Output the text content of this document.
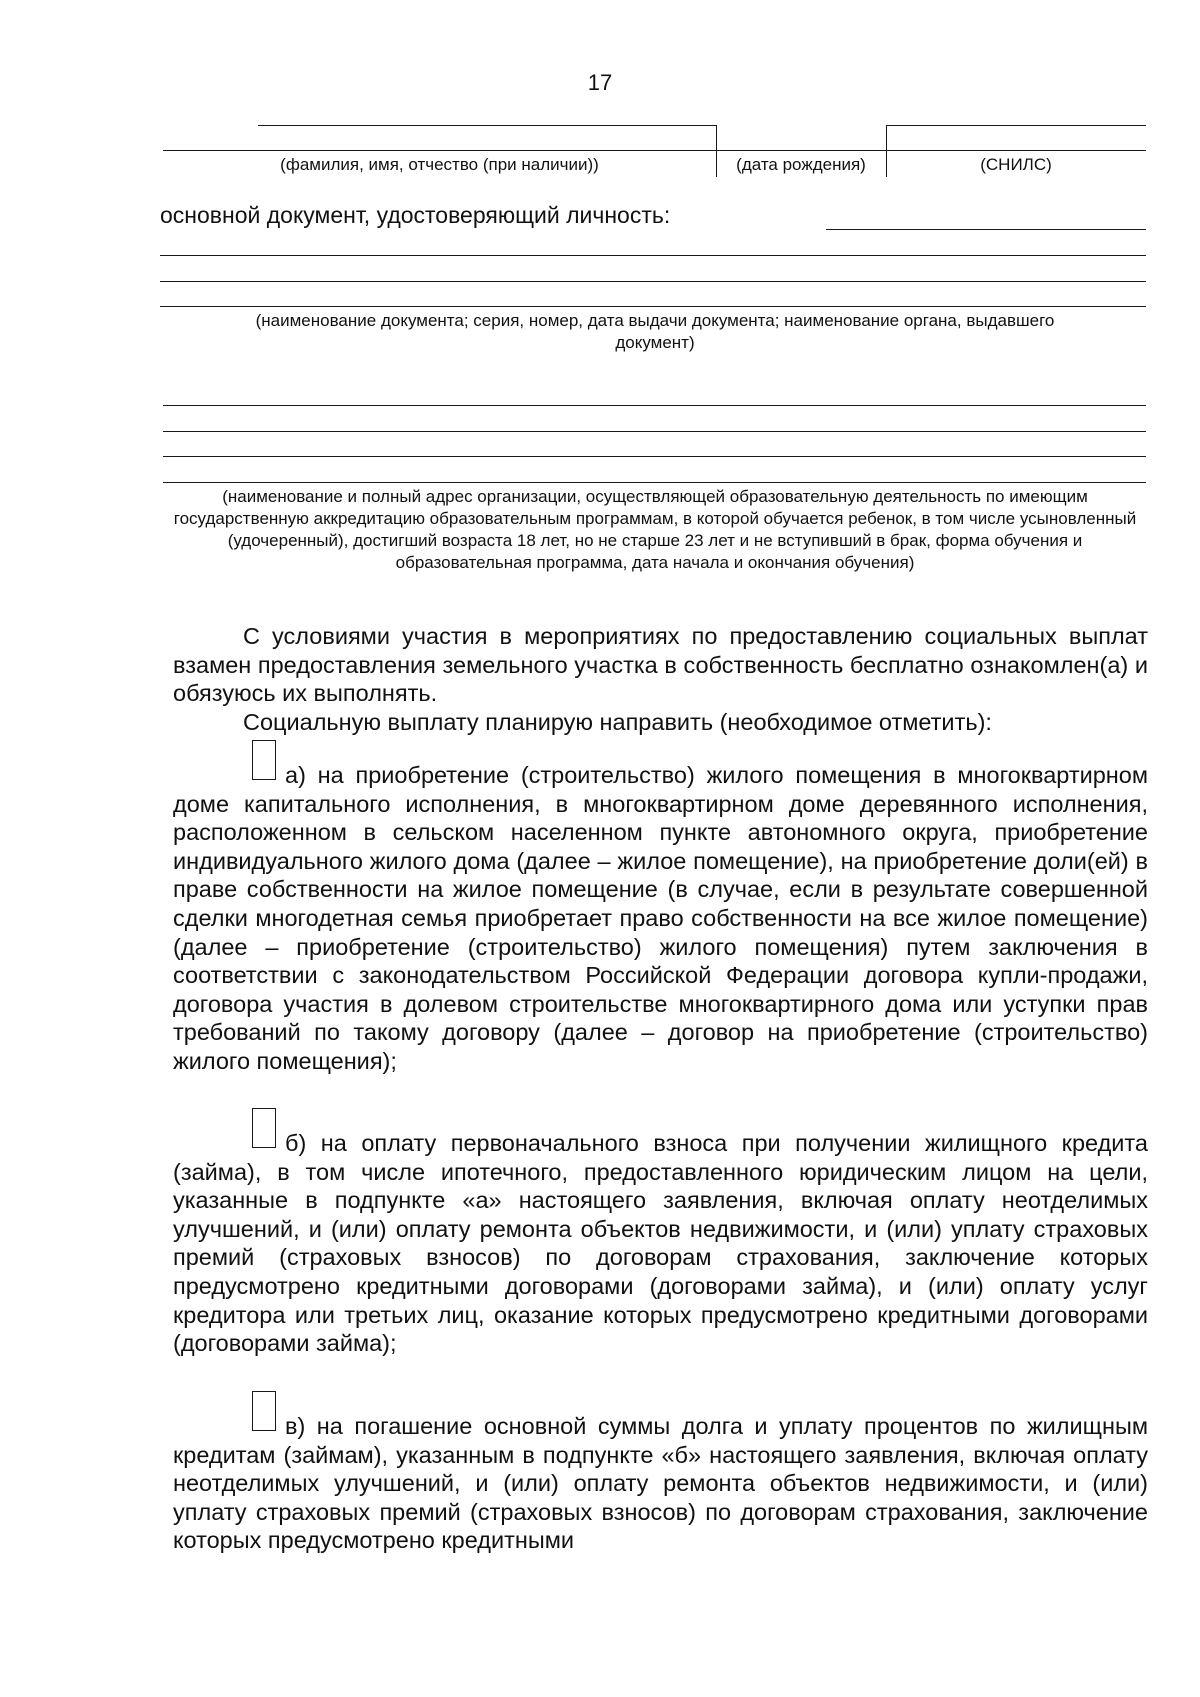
17
(фамилия, имя, отчество (при наличии))	(дата рождения)	(СНИЛС)
основной документ, удостоверяющий личность:
(наименование документа; серия, номер, дата выдачи документа; наименование органа, выдавшего документ)
(наименование и полный адрес организации, осуществляющей образовательную деятельность по имеющим государственную аккредитацию образовательным программам, в которой обучается ребенок, в том числе усыновленный (удочеренный), достигший возраста 18 лет, но не старше 23 лет и не вступивший в брак, форма обучения и образовательная программа, дата начала и окончания обучения)

С условиями участия в мероприятиях по предоставлению социальных выплат взамен предоставления земельного участка в собственность бесплатно ознакомлен(а) и обязуюсь их выполнять.

Социальную выплату планирую направить (необходимое отметить):

а) на приобретение (строительство) жилого помещения в многоквартирном доме капитального исполнения, в многоквартирном доме деревянного исполнения, расположенном в сельском населенном пункте автономного округа, приобретение индивидуального жилого дома (далее – жилое помещение), на приобретение доли(ей) в праве собственности на жилое помещение (в случае, если в результате совершенной сделки многодетная семья приобретает право собственности на все жилое помещение) (далее – приобретение (строительство) жилого помещения) путем заключения в соответствии с законодательством Российской Федерации договора купли-продажи, договора участия в долевом строительстве многоквартирного дома или уступки прав требований по такому договору (далее – договор на приобретение (строительство) жилого помещения);

б) на оплату первоначального взноса при получении жилищного кредита (займа), в том числе ипотечного, предоставленного юридическим лицом на цели, указанные в подпункте «а» настоящего заявления, включая оплату неотделимых улучшений, и (или) оплату ремонта объектов недвижимости, и (или) уплату страховых премий (страховых взносов) по договорам страхования, заключение которых предусмотрено кредитными договорами (договорами займа), и (или) оплату услуг кредитора или третьих лиц, оказание которых предусмотрено кредитными договорами (договорами займа);

в) на погашение основной суммы долга и уплату процентов по жилищным кредитам (займам), указанным в подпункте «б» настоящего заявления, включая оплату неотделимых улучшений, и (или) оплату ремонта объектов недвижимости, и (или) уплату страховых премий (страховых взносов) по договорам страхования, заключение которых предусмотрено кредитными
